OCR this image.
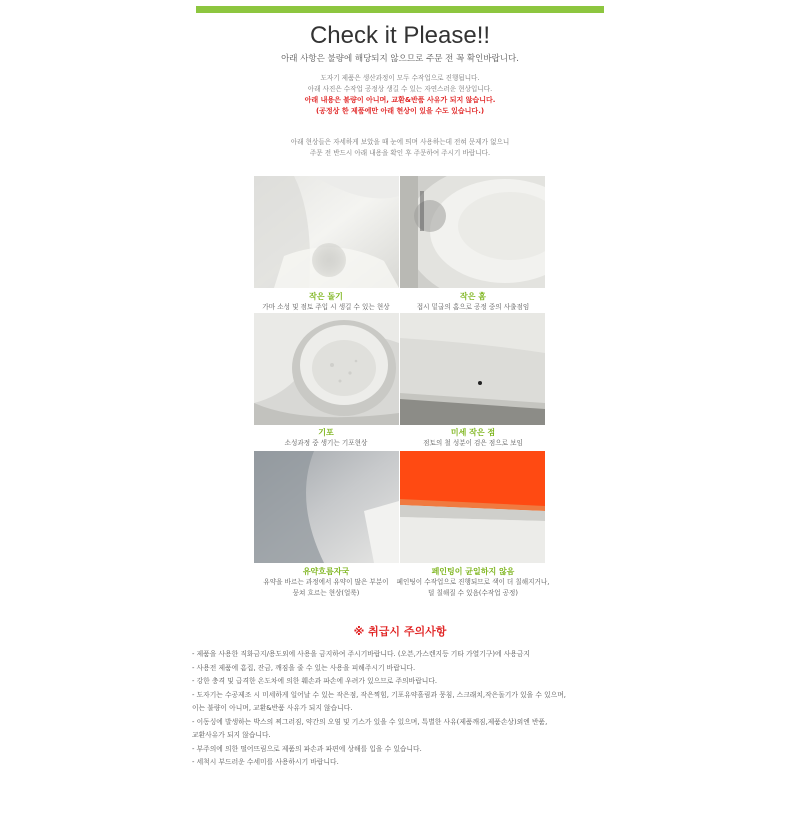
Check it Please!!
아래 사항은 불량에 해당되지 않으므로 주문 전 꼭 확인바랍니다.
도자기 제품은 생산과정이 모두 수작업으로 진행됩니다.
아래 사진은 수작업 공정상 생길 수 있는 자연스러운 현상입니다.
아래 내용은 불량이 아니며, 교환&반품 사유가 되지 않습니다.
(공정상 한 제품에만 아래 현상이 있을 수도 있습니다.)
아래 현상들은 자세하게 보았을 때 눈에 띄며 사용하는데 전혀 문제가 없으니
주문 전 반드시 아래 내용을 확인 후 주문하여 주시기 바랍니다.
작은 돌기
가마 소성 및 점토 주입 시 생길 수 있는 현상
작은 홈
접시 밑굽의 홈으로 공정 중의 사출점임
기포
소성과정 중 생기는 기포현상
미세 작은 점
점토의 철 성분이 검은 점으로 보임
유약흐름자국
유약을 바르는 과정에서 유약이 많은 부분이
뭉쳐 흐르는 현상(얼룩)
페인팅이 균일하지 않음
페인팅이 수작업으로 진행되므로 색이 더 칠해지거나,
덜 칠해질 수 있음(수작업 공정)
※ 취급시 주의사항
- 제품을 사용한 직화금지/용도외에 사용을 금지하여 주시기바랍니다. (오븐,가스렌지등 기타 가열기구)에 사용금지
- 사용전 제품에 흠집, 잔금, 깨짐을 줄 수 있는 사용을 피해주시기 바랍니다.
- 강한 충격 및 급격한 온도차에 의한 훼손과 파손에 우려가 있으므로 주의바랍니다.
- 도자기는 수공제조 시 미세하게 일어날 수 있는 작은점, 작은찍힘, 기포유약흘림과 뭉침, 스크래치,작은돌기가 있을 수 있으며,
이는 불량이 아니며, 교환&반품 사유가 되지 않습니다.
- 이동싱에 발생하는 박스의 찌그러짐, 약간의 오염 및 기스가 있을 수 있으며, 특별한 사유(제품깨짐,제품손상)외엔 반품,
교환사유가 되지 않습니다.
- 부주의에 의한 떨어뜨림으로 제품의 파손과 파편에 상해를 입을 수 있습니다.
- 세척시 부드러운 수세미를 사용하시기 바랍니다.
